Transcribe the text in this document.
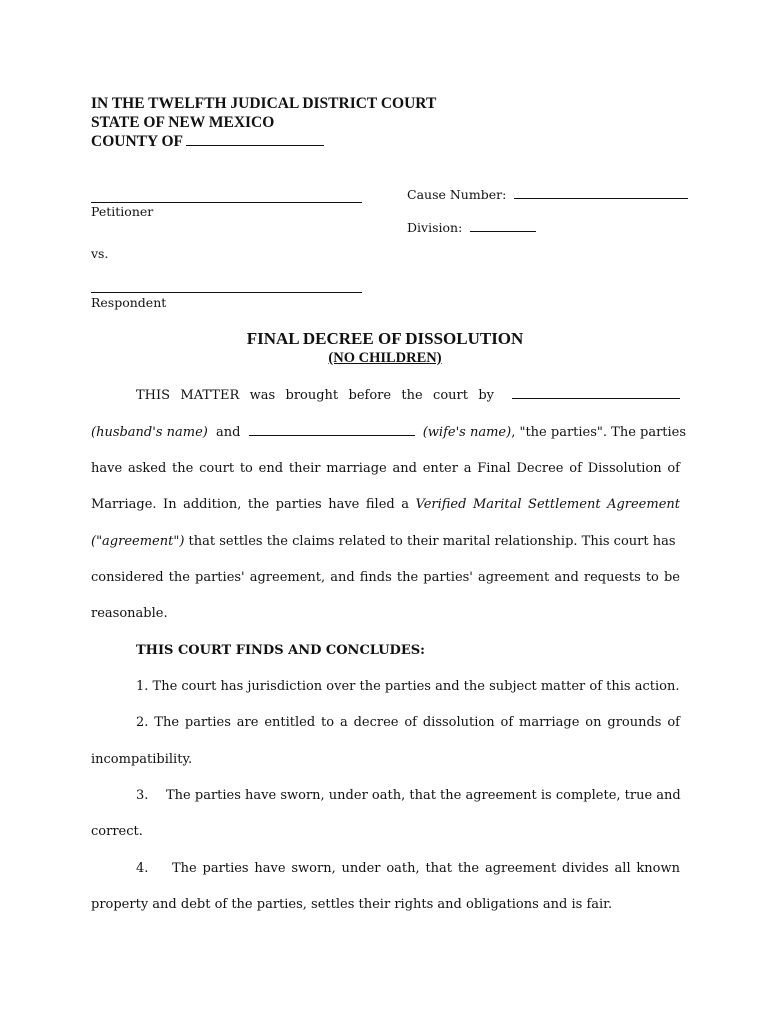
IN THE TWELFTH JUDICAL DISTRICT COURT
STATE OF NEW MEXICO
COUNTY OF
Petitioner
vs.
Respondent
Cause Number:
Division:
FINAL DECREE OF DISSOLUTION
(NO CHILDREN)
THIS MATTER was brought before the court by
(husband's name) and	(wife's name), "the parties". The parties
have asked the court to end their marriage and enter a Final Decree of Dissolution of
Marriage. In addition, the parties have filed a Verified Marital Settlement Agreement
("agreement") that settles the claims related to their marital relationship. This court has
considered the parties' agreement, and finds the parties' agreement and requests to be
reasonable.
THIS COURT FINDS AND CONCLUDES:
1. The court has jurisdiction over the parties and the subject matter of this action.
2. The parties are entitled to a decree of dissolution of marriage on grounds of
incompatibility.
3. The parties have sworn, under oath, that the agreement is complete, true and
correct.
4. The parties have sworn, under oath, that the agreement divides all known
property and debt of the parties, settles their rights and obligations and is fair.
